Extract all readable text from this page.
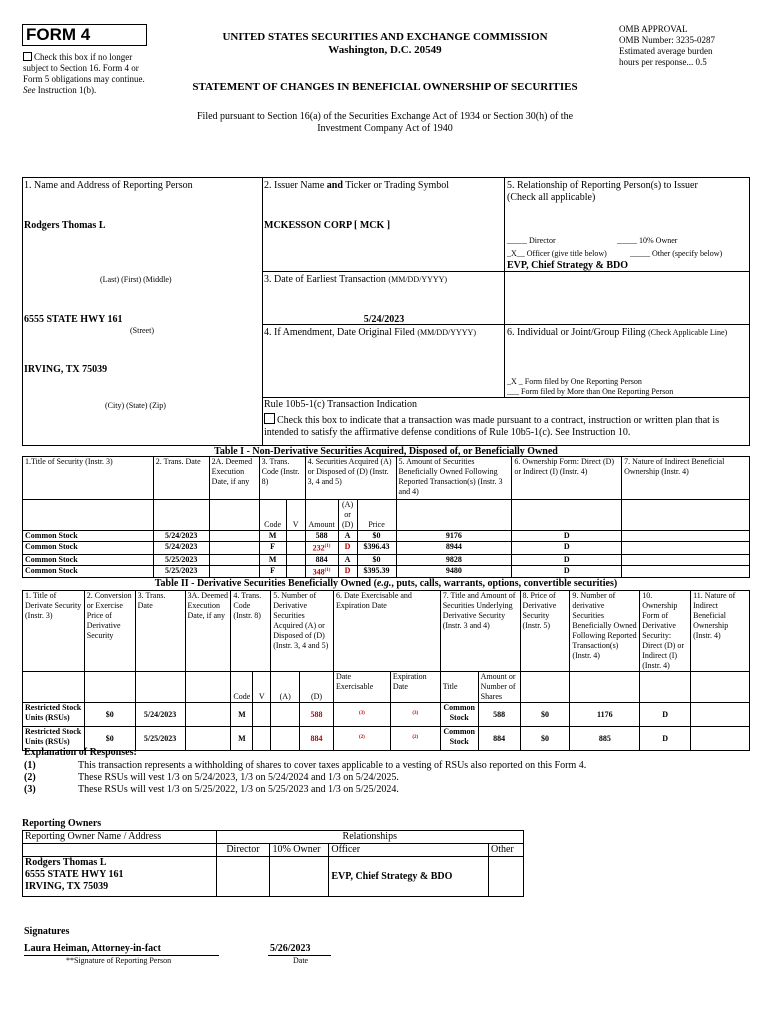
FORM 4
Check this box if no longer subject to Section 16. Form 4 or Form 5 obligations may continue. See Instruction 1(b).
UNITED STATES SECURITIES AND EXCHANGE COMMISSION
Washington, D.C. 20549
STATEMENT OF CHANGES IN BENEFICIAL OWNERSHIP OF SECURITIES
OMB APPROVAL
OMB Number: 3235-0287
Estimated average burden
hours per response... 0.5
Filed pursuant to Section 16(a) of the Securities Exchange Act of 1934 or Section 30(h) of the
Investment Company Act of 1940
1. Name and Address of Reporting Person
Rodgers Thomas L
(Last) (First) (Middle)
6555 STATE HWY 161
(Street)
IRVING, TX 75039
(City) (State) (Zip)
2. Issuer Name and Ticker or Trading Symbol
MCKESSON CORP [ MCK ]
3. Date of Earliest Transaction (MM/DD/YYYY)
5/24/2023
4. If Amendment, Date Original Filed (MM/DD/YYYY)
5. Relationship of Reporting Person(s) to Issuer
(Check all applicable)
_____ Director	_____ 10% Owner
_X__ Officer (give title below)	_____ Other (specify below)
EVP, Chief Strategy & BDO
6. Individual or Joint/Group Filing (Check Applicable Line)
_X _ Form filed by One Reporting Person
___ Form filed by More than One Reporting Person
Rule 10b5-1(c) Transaction Indication
Check this box to indicate that a transaction was made pursuant to a contract, instruction or written plan that is intended to satisfy the affirmative defense conditions of Rule 10b5-1(c). See Instruction 10.
Table I - Non-Derivative Securities Acquired, Disposed of, or Beneficially Owned
1.Title of Security (Instr. 3)	2. Trans. Date	2A. Deemed Execution Date, if any	3. Trans. Code (Instr. 8)		4. Securities Acquired (A) or Disposed of (D) (Instr. 3, 4 and 5)			5. Amount of Securities Beneficially Owned Following Reported Transaction(s) (Instr. 3 and 4)	6. Ownership Form: Direct (D) or Indirect (I) (Instr. 4)	7. Nature of Indirect Beneficial Ownership (Instr. 4)
			Code	V	Amount	(A) or (D)	Price			
Common Stock	5/24/2023		M		588	A	$0	9176	D	
Common Stock	5/24/2023		F		232$^{(1)}$	D	$396.43	8944	D	
Common Stock	5/25/2023		M		884	A	$0	9828	D	
Common Stock	5/25/2023		F		348$^{(1)}$	D	$395.39	9480	D	
Table II - Derivative Securities Beneficially Owned (e.g., puts, calls, warrants, options, convertible securities)
1. Title of Derivate Security (Instr. 3)	2. Conversion or Exercise Price of Derivative Security	3. Trans. Date	3A. Deemed Execution Date, if any	4. Trans. Code (Instr. 8)		5. Number of Derivative Securities Acquired (A) or Disposed of (D) (Instr. 3, 4 and 5)		6. Date Exercisable and Expiration Date		7. Title and Amount of Securities Underlying Derivative Security (Instr. 3 and 4)		8. Price of Derivative Security (Instr. 5)	9. Number of derivative Securities Beneficially Owned Following Reported Transaction(s) (Instr. 4)	10. Ownership Form of Derivative Security: Direct (D) or Indirect (I) (Instr. 4)	11. Nature of Indirect Beneficial Ownership (Instr. 4)
				Code	V	(A)	(D)	Date Exercisable	Expiration Date	Title	Amount or Number of Shares				
Restricted Stock Units (RSUs)	$0	5/24/2023		M			588	$^{(3)}$	$^{(3)}$	Common Stock	588	$0	1176	D	
Restricted Stock Units (RSUs)	$0	5/25/2023		M			884	$^{(2)}$	$^{(2)}$	Common Stock	884	$0	885	D	
Explanation of Responses:
(1)	This transaction represents a withholding of shares to cover taxes applicable to a vesting of RSUs also reported on this Form 4.
(2)	These RSUs will vest 1/3 on 5/24/2023, 1/3 on 5/24/2024 and 1/3 on 5/24/2025.
(3)	These RSUs will vest 1/3 on 5/25/2022, 1/3 on 5/25/2023 and 1/3 on 5/25/2024.
Reporting Owners
Reporting Owner Name / Address	Relationships			
	Director	10% Owner	Officer	Other

Rodgers Thomas L
6555 STATE HWY 161
IRVING, TX 75039			EVP, Chief Strategy & BDO	
Signatures
Laura Heiman, Attorney-in-fact
**Signature of Reporting Person
5/26/2023
Date
